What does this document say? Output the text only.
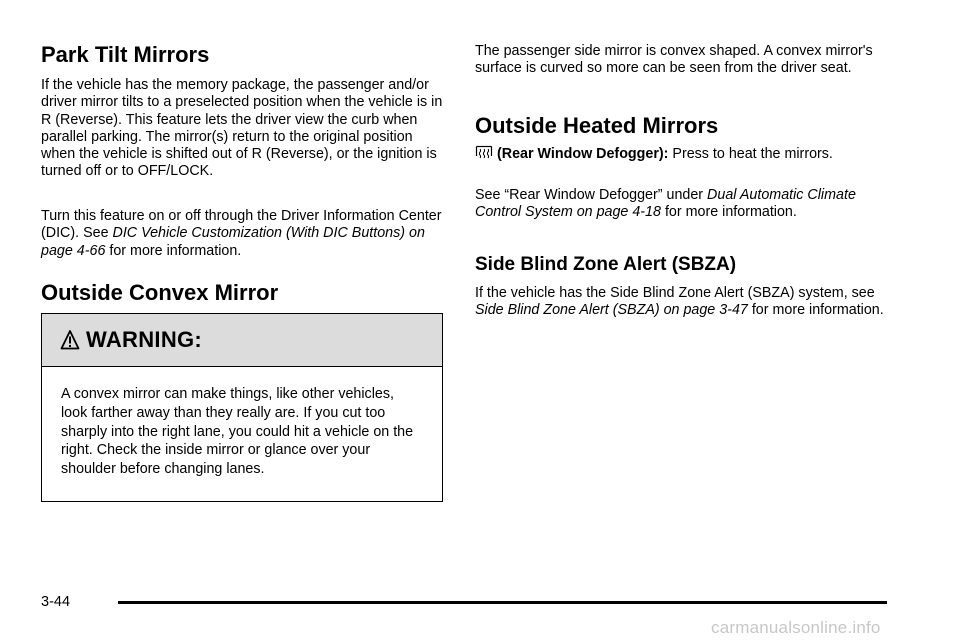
Park Tilt Mirrors

If the vehicle has the memory package, the passenger and/or driver mirror tilts to a preselected position when the vehicle is in R (Reverse). This feature lets the driver view the curb when parallel parking. The mirror(s) return to the original position when the vehicle is shifted out of R (Reverse), or the ignition is turned off or to OFF/LOCK.

Turn this feature on or off through the Driver Information Center (DIC). See DIC Vehicle Customization (With DIC Buttons) on page 4‑66 for more information.

Outside Convex Mirror
WARNING:

A convex mirror can make things, like other vehicles, look farther away than they really are. If you cut too sharply into the right lane, you could hit a vehicle on the right. Check the inside mirror or glance over your shoulder before changing lanes.

The passenger side mirror is convex shaped. A convex mirror's surface is curved so more can be seen from the driver seat.

Outside Heated Mirrors

(Rear Window Defogger): Press to heat the mirrors.

See “Rear Window Defogger” under Dual Automatic Climate Control System on page 4‑18 for more information.

Side Blind Zone Alert (SBZA)

If the vehicle has the Side Blind Zone Alert (SBZA) system, see Side Blind Zone Alert (SBZA) on page 3‑47 for more information.

3-44
carmanualsonline.info
